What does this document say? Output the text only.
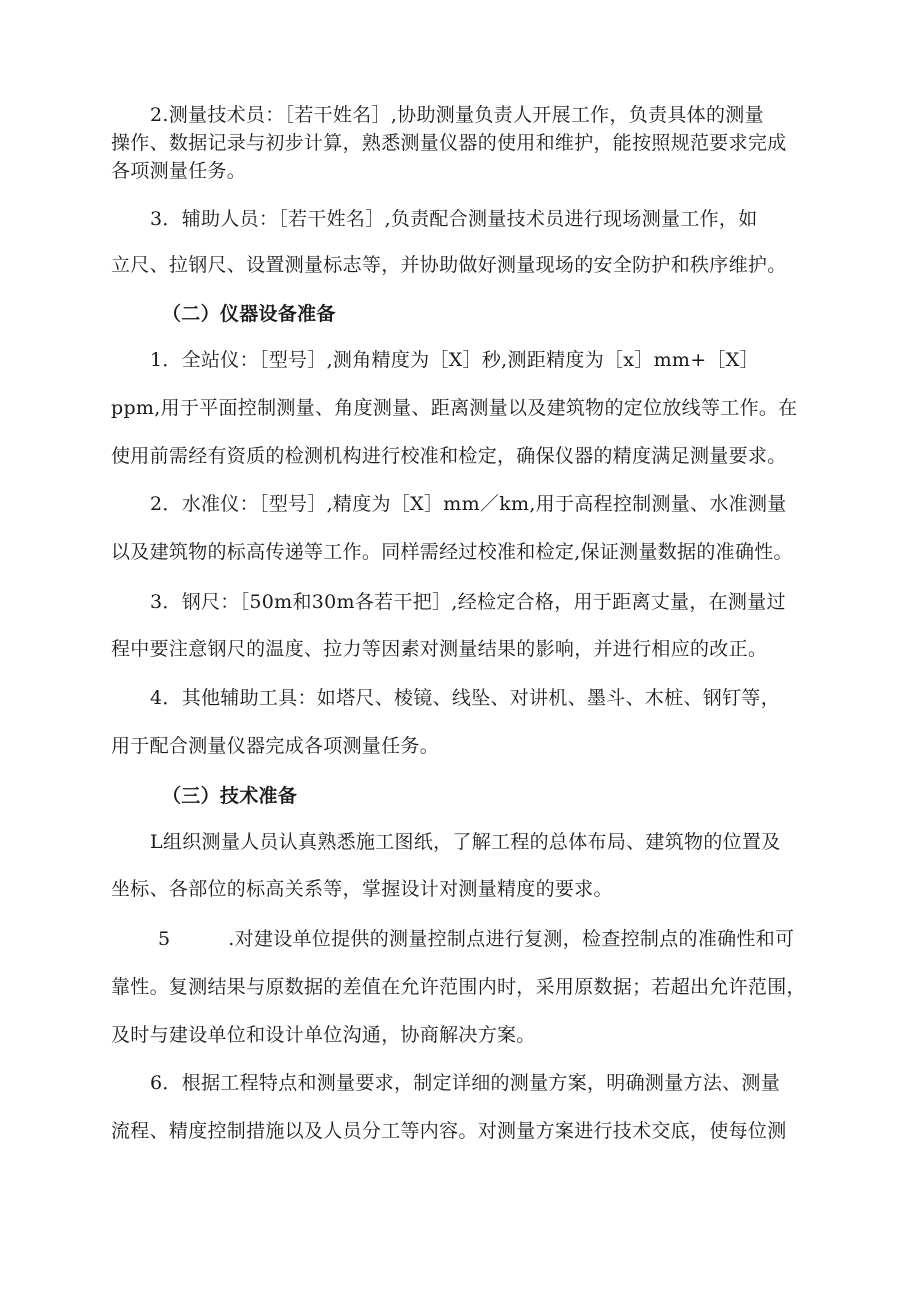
2.测量技术员：［若干姓名］,协助测量负责人开展工作，负责具体的测量
操作、数据记录与初步计算，熟悉测量仪器的使用和维护，能按照规范要求完成
各项测量任务。
3．辅助人员：［若干姓名］,负责配合测量技术员进行现场测量工作，如
立尺、拉钢尺、设置测量标志等，并协助做好测量现场的安全防护和秩序维护。
（二）仪器设备准备
1．全站仪：［型号］,测角精度为［X］秒,测距精度为［x］mm+［X］
ppm,用于平面控制测量、角度测量、距离测量以及建筑物的定位放线等工作。在
使用前需经有资质的检测机构进行校准和检定，确保仪器的精度满足测量要求。
2．水准仪：［型号］,精度为［X］mm／km,用于高程控制测量、水准测量
以及建筑物的标高传递等工作。同样需经过校准和检定,保证测量数据的准确性。
3．钢尺：［50m和30m各若干把］,经检定合格，用于距离丈量，在测量过
程中要注意钢尺的温度、拉力等因素对测量结果的影响，并进行相应的改正。
4．其他辅助工具：如塔尺、棱镜、线坠、对讲机、墨斗、木桩、钢钉等，
用于配合测量仪器完成各项测量任务。
（三）技术准备
L组织测量人员认真熟悉施工图纸，了解工程的总体布局、建筑物的位置及
坐标、各部位的标高关系等，掌握设计对测量精度的要求。
5　　　.对建设单位提供的测量控制点进行复测，检查控制点的准确性和可
靠性。复测结果与原数据的差值在允许范围内时，采用原数据；若超出允许范围，
及时与建设单位和设计单位沟通，协商解决方案。
6．根据工程特点和测量要求，制定详细的测量方案，明确测量方法、测量
流程、精度控制措施以及人员分工等内容。对测量方案进行技术交底，使每位测
